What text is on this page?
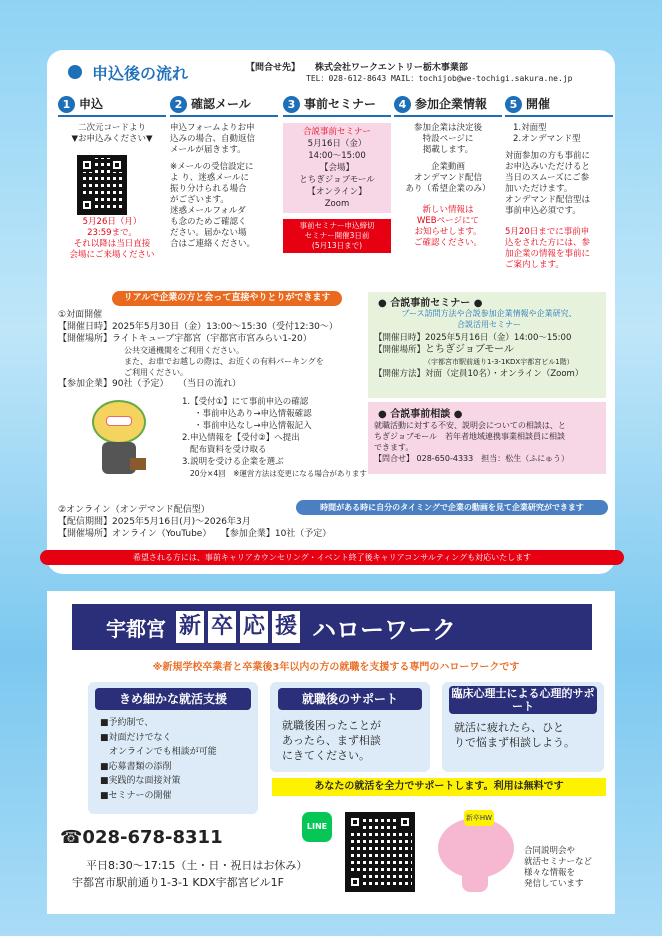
申込後の流れ	【問合せ先】 株式会社ワークエントリー栃木事業部
TEL：028-612-8643 MAIL：tochijob@we-tochigi.sakura.ne.jp
1 申込
二次元コードより
▼お申込みください▼
5月26日（月）
23:59まで。
それ以降は当日直接
会場にご来場ください
2 確認メール
申込フォームよりお申
込みの場合、自動返信
メールが届きます。
※メールの受信設定に
よ り、迷惑メールに
振り分けられる場合
がございます。
迷惑メールフォルダ
も念のためご確認く
ださい。届かない場
合はご連絡ください。
3 事前セミナー
合説事前セミナー
5月16日（金）
14:00～15:00
【会場】
とちぎジョブモール
【オンライン】
Zoom
事前セミナー申込締切
セミナー開催3日前
(5月13日まで)
4 参加企業情報
参加企業は決定後
特設ページに
掲載します。
企業動画
オンデマンド配信
あり（希望企業のみ）
新しい情報は
WEBページにて
お知らせします。
ご確認ください。
5 開催
1.対面型
2.オンデマンド型
対面参加の方も事前に
お申込みいただけると
当日のスムーズにご参
加いただけます。
オンデマンド配信型は
事前申込必須です。
5月20日までに事前申
込をされた方には、参
加企業の情報を事前に
ご案内します。
リアルで企業の方と会って直接やりとりができます
①対面開催
【開催日時】2025年5月30日（金）13:00～15:30（受付12:30～）
【開催場所】ライトキューブ宇都宮（宇都宮市宮みらい1-20）
公共交通機関をご利用ください。
また、お車でお越しの際は、お近くの有料パーキングを
ご利用ください。
【参加企業】90社（予定） （当日の流れ）
1.【受付①】にて事前申込の確認
・事前申込あり→申込情報確認
・事前申込なし→申込情報記入
2.申込情報を【受付②】へ提出
配布資料を受け取る
3.説明を受ける企業を選ぶ
20分×4回　※運営方法は変更になる場合があります
● 合説事前セミナー ●
ブース訪問方法や合説参加企業情報や企業研究、
合説活用セミナー
【開催日時】2025年5月16日（金）14:00～15:00
【開催場所】とちぎジョブモール
（宇都宮市駅前通り1-3-1KDX宇都宮ビル1階）
【開催方法】対面（定員10名）・オンライン（Zoom）
● 合説事前相談 ●
就職活動に対する不安、説明会についての相談は、と
ちぎジョブモール　若年者地域連携事業相談員に相談
できます。
【問合せ】 028-650-4333　担当：松生（ふにゅう）
②オンライン（オンデマンド配信型）	時間がある時に自分のタイミングで企業の動画を見て企業研究ができます
【配信期間】2025年5月16日(月)～2026年3月
【開催場所】オンライン（YouTube） 【参加企業】10社（予定）
希望される方には、事前キャリアカウンセリング・イベント終了後キャリアコンサルティングも対応いたします
宇都宮 新 卒 応 援 ハローワーク
※新規学校卒業者と卒業後3年以内の方の就職を支援する専門のハローワークです
きめ細かな就活支援
■予約制で、
■対面だけでなく
オンラインでも相談が可能
■応募書類の添削
■実践的な面接対策
■セミナーの開催
就職後のサポート
就職後困ったことが
あったら、まず相談
にきてください。
臨床心理士による心理的サポート
就活に疲れたら、ひと
りで悩まず相談しよう。
あなたの就活を全力でサポートします。利用は無料です
☎028-678-8311
平日8:30～17:15（土・日・祝日はお休み）
宇都宮市駅前通り1-3-1 KDX宇都宮ビル1F
LINE
新卒HW
合同説明会や
就活セミナーなど
様々な情報を
発信しています
